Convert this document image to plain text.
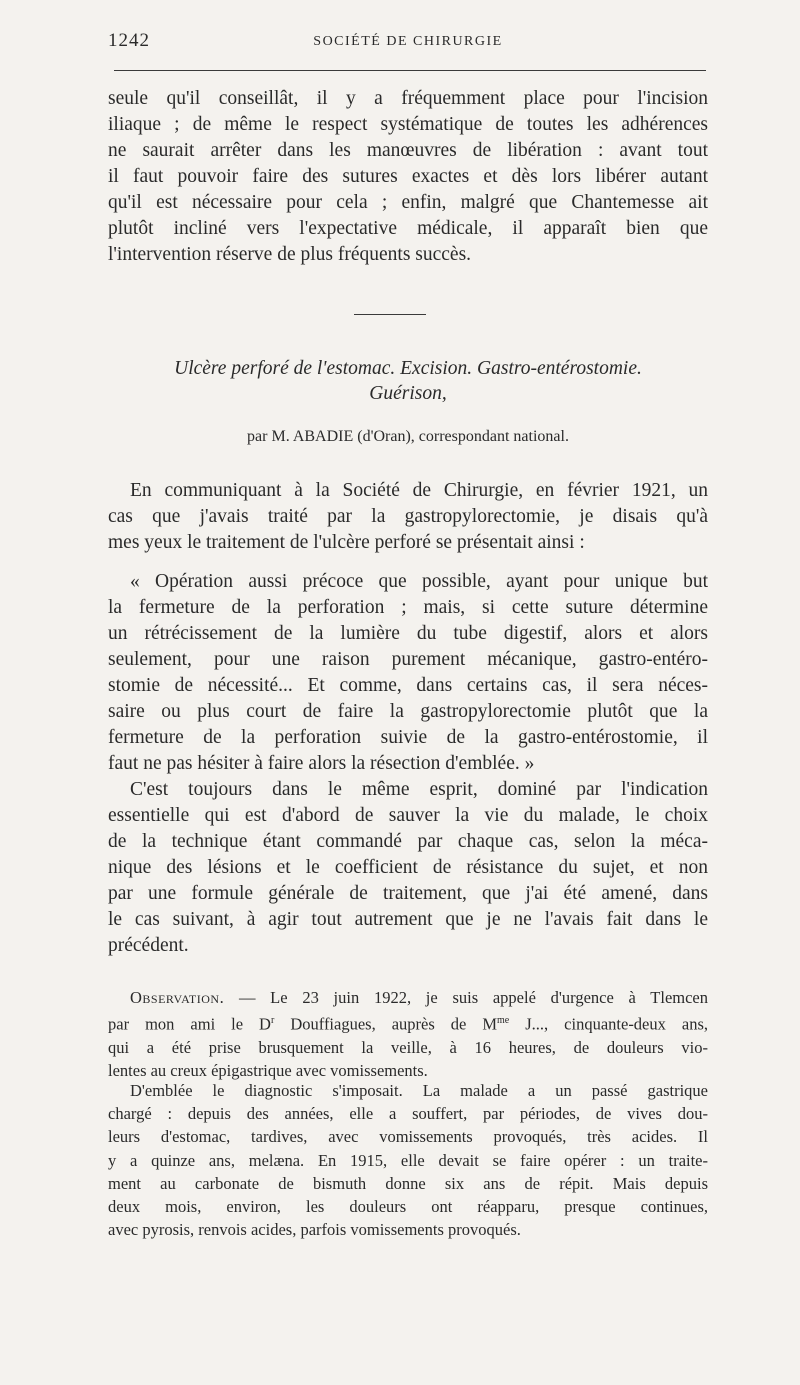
1242	SOCIÉTÉ DE CHIRURGIE
seule qu'il conseillât, il y a fréquemment place pour l'incision
iliaque ; de même le respect systématique de toutes les adhérences
ne saurait arrêter dans les manœuvres de libération : avant tout
il faut pouvoir faire des sutures exactes et dès lors libérer autant
qu'il est nécessaire pour cela ; enfin, malgré que Chantemesse ait
plutôt incliné vers l'expectative médicale, il apparaît bien que
l'intervention réserve de plus fréquents succès.
Ulcère perforé de l'estomac. Excision. Gastro-entérostomie.
Guérison,
par M. ABADIE (d'Oran), correspondant national.
En communiquant à la Société de Chirurgie, en février 1921, un
cas que j'avais traité par la gastropylorectomie, je disais qu'à
mes yeux le traitement de l'ulcère perforé se présentait ainsi :
« Opération aussi précoce que possible, ayant pour unique but
la fermeture de la perforation ; mais, si cette suture détermine
un rétrécissement de la lumière du tube digestif, alors et alors
seulement, pour une raison purement mécanique, gastro-entéro-
stomie de nécessité... Et comme, dans certains cas, il sera néces-
saire ou plus court de faire la gastropylorectomie plutôt que la
fermeture de la perforation suivie de la gastro-entérostomie, il
faut ne pas hésiter à faire alors la résection d'emblée. »
C'est toujours dans le même esprit, dominé par l'indication
essentielle qui est d'abord de sauver la vie du malade, le choix
de la technique étant commandé par chaque cas, selon la méca-
nique des lésions et le coefficient de résistance du sujet, et non
par une formule générale de traitement, que j'ai été amené, dans
le cas suivant, à agir tout autrement que je ne l'avais fait dans le
précédent.
Observation. — Le 23 juin 1922, je suis appelé d'urgence à Tlemcen
par mon ami le $D^r$ Douffiagues, auprès de $M^{me}$ J..., cinquante-deux ans,
qui a été prise brusquement la veille, à 16 heures, de douleurs vio-
lentes au creux épigastrique avec vomissements.
D'emblée le diagnostic s'imposait. La malade a un passé gastrique
chargé : depuis des années, elle a souffert, par périodes, de vives dou-
leurs d'estomac, tardives, avec vomissements provoqués, très acides. Il
y a quinze ans, melæna. En 1915, elle devait se faire opérer : un traite-
ment au carbonate de bismuth donne six ans de répit. Mais depuis
deux mois, environ, les douleurs ont réapparu, presque continues,
avec pyrosis, renvois acides, parfois vomissements provoqués.
